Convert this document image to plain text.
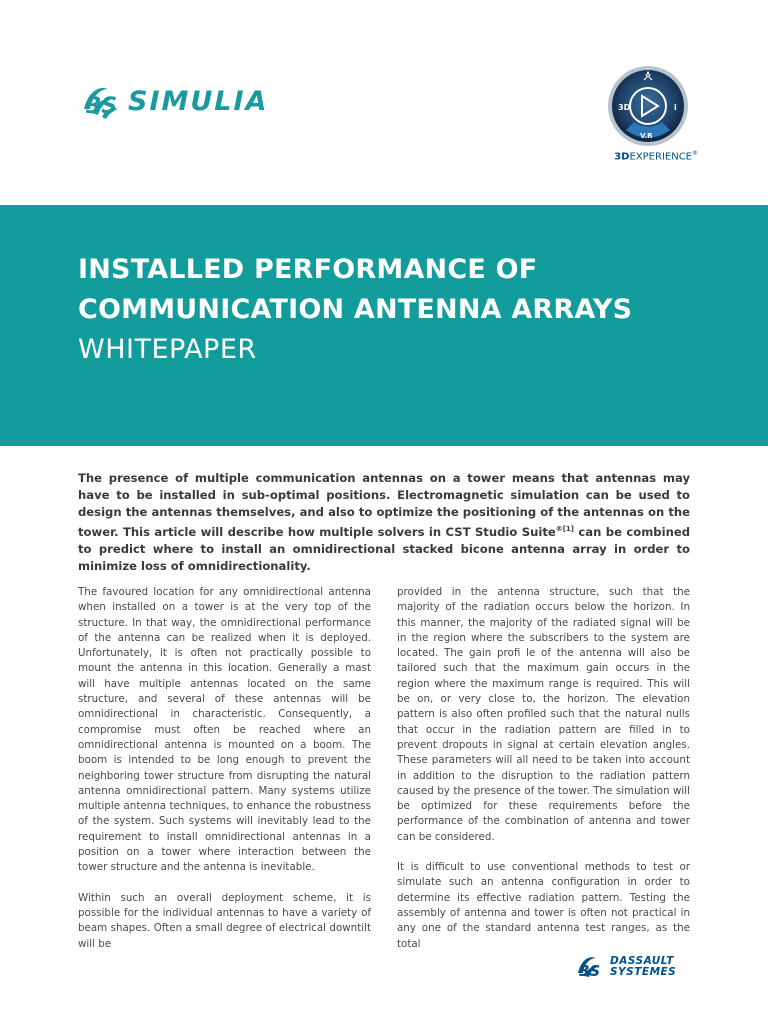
3S SIMULIA	3D	i
V.R
3DEXPERIENCE®
INSTALLED PERFORMANCE OF
COMMUNICATION ANTENNA ARRAYS
WHITEPAPER
The presence of multiple communication antennas on a tower means that antennas may have to be installed in sub-optimal positions. Electromagnetic simulation can be used to design the antennas themselves, and also to optimize the positioning of the antennas on the tower. This article will describe how multiple solvers in CST Studio Suite$^{®[1]}$ can be combined to predict where to install an omnidirectional stacked bicone antenna array in order to minimize loss of omnidirectionality.

The favoured location for any omnidirectional antenna when installed on a tower is at the very top of the structure. In that way, the omnidirectional performance of the antenna can be realized when it is deployed. Unfortunately, it is often not practically possible to mount the antenna in this location. Generally a mast will have multiple antennas located on the same structure, and several of these antennas will be omnidirectional in characteristic. Consequently, a compromise must often be reached where an omnidirectional antenna is mounted on a boom. The boom is intended to be long enough to prevent the neighboring tower structure from disrupting the natural antenna omnidirectional pattern. Many systems utilize multiple antenna techniques, to enhance the robustness of the system. Such systems will inevitably lead to the requirement to install omnidirectional antennas in a position on a tower where interaction between the tower structure and the antenna is inevitable.

Within such an overall deployment scheme, it is possible for the individual antennas to have a variety of beam shapes. Often a small degree of electrical downtilt will be

provided in the antenna structure, such that the majority of the radiation occurs below the horizon. In this manner, the majority of the radiated signal will be in the region where the subscribers to the system are located. The gain profi le of the antenna will also be tailored such that the maximum gain occurs in the region where the maximum range is required. This will be on, or very close to, the horizon. The elevation pattern is also often profiled such that the natural nulls that occur in the radiation pattern are filled in to prevent dropouts in signal at certain elevation angles. These parameters will all need to be taken into account in addition to the disruption to the radiation pattern caused by the presence of the tower. The simulation will be optimized for these requirements before the performance of the combination of antenna and tower can be considered.

It is difficult to use conventional methods to test or simulate such an antenna configuration in order to determine its effective radiation pattern. Testing the assembly of antenna and tower is often not practical in any one of the standard antenna test ranges, as the total

3S
DASSAULT
SYSTEMES
